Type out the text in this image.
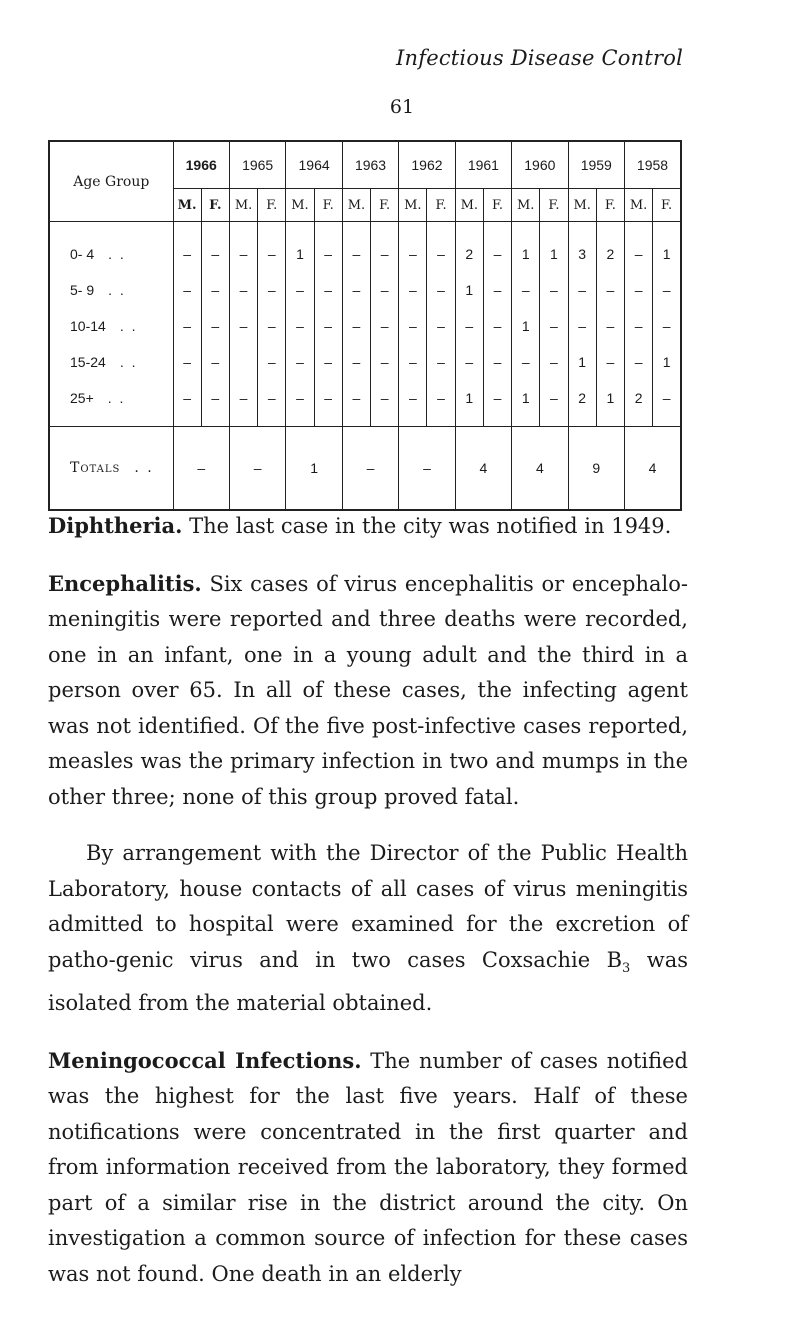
Infectious Disease Control
61
Age Group	1966		1965		1964		1963		1962		1961		1960		1959		1958	
	M.	F.	M.	F.	M.	F.	M.	F.	M.	F.	M.	F.	M.	F.	M.	F.	M.	F.
0- 4 . .	–	–	–	–	1	–	–	–	–	–	2	–	1	1	3	2	–	1
5- 9 . .	–	–	–	–	–	–	–	–	–	–	1	–	–	–	–	–	–	–
10-14 . .	–	–	–	–	–	–	–	–	–	–	–	–	1	–	–	–	–	–
15-24 . .	–	–		–	–	–	–	–	–	–	–	–	–	–	1	–	–	1
25+ . .	–	–	–	–	–	–	–	–	–	–	1	–	1	–	2	1	2	–
Totals . .	–		–		1		–		–		4		4		9		4	

Diphtheria. The last case in the city was notified in 1949.

Encephalitis. Six cases of virus encephalitis or encephalo-meningitis were reported and three deaths were recorded, one in an infant, one in a young adult and the third in a person over 65. In all of these cases, the infecting agent was not identified. Of the five post-infective cases reported, measles was the primary infection in two and mumps in the other three; none of this group proved fatal.

By arrangement with the Director of the Public Health Laboratory, house contacts of all cases of virus meningitis admitted to hospital were examined for the excretion of patho-genic virus and in two cases Coxsachie $B_3$ was isolated from the material obtained.

Meningococcal Infections. The number of cases notified was the highest for the last five years. Half of these notifications were concentrated in the first quarter and from information received from the laboratory, they formed part of a similar rise in the district around the city. On investigation a common source of infection for these cases was not found. One death in an elderly
